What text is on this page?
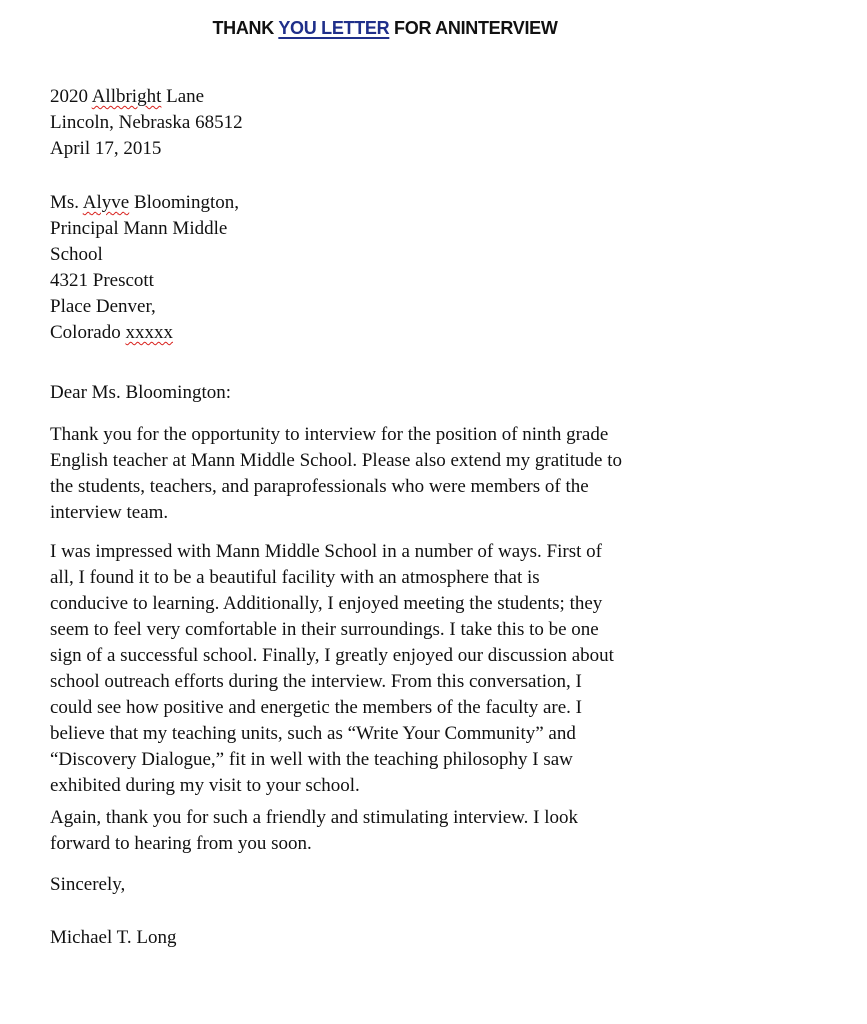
THANK YOU LETTER FOR ANINTERVIEW
2020 Allbright Lane
Lincoln, Nebraska 68512
April 17, 2015
Ms. Alyve Bloomington,
Principal Mann Middle
School
4321 Prescott
Place Denver,
Colorado xxxxx
Dear Ms. Bloomington:
Thank you for the opportunity to interview for the position of ninth grade
English teacher at Mann Middle School. Please also extend my gratitude to
the students, teachers, and paraprofessionals who were members of the
interview team.
I was impressed with Mann Middle School in a number of ways. First of
all, I found it to be a beautiful facility with an atmosphere that is
conducive to learning. Additionally, I enjoyed meeting the students; they
seem to feel very comfortable in their surroundings. I take this to be one
sign of a successful school. Finally, I greatly enjoyed our discussion about
school outreach efforts during the interview. From this conversation, I
could see how positive and energetic the members of the faculty are. I
believe that my teaching units, such as “Write Your Community” and
“Discovery Dialogue,” fit in well with the teaching philosophy I saw
exhibited during my visit to your school.
Again, thank you for such a friendly and stimulating interview. I look
forward to hearing from you soon.
Sincerely,
Michael T. Long
